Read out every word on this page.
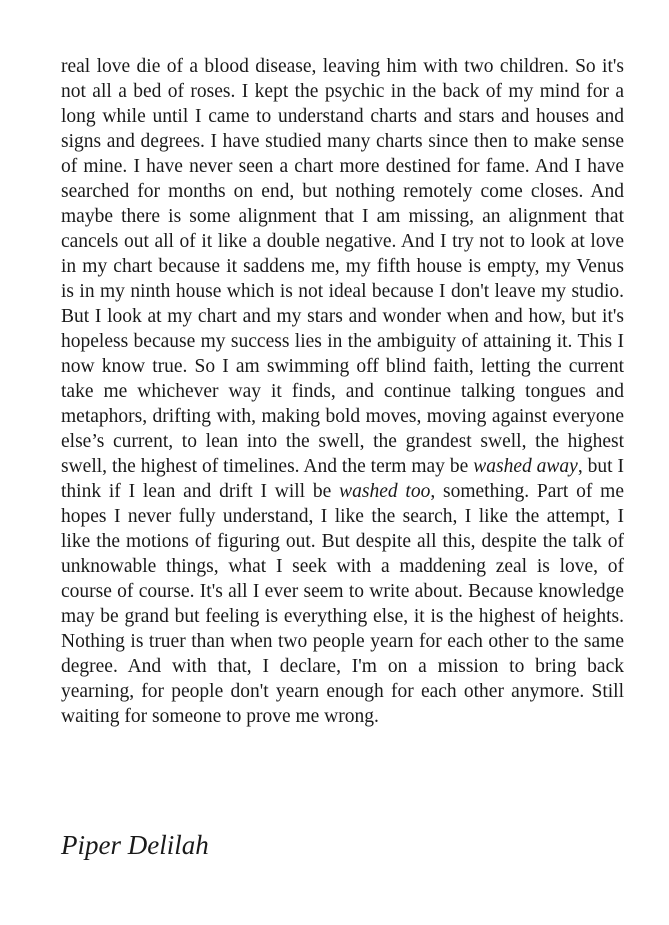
real love die of a blood disease, leaving him with two children. So it's not all a bed of roses. I kept the psychic in the back of my mind for a long while until I came to understand charts and stars and houses and signs and degrees. I have studied many charts since then to make sense of mine. I have never seen a chart more destined for fame. And I have searched for months on end, but nothing remotely come closes. And maybe there is some alignment that I am missing, an alignment that cancels out all of it like a double negative. And I try not to look at love in my chart because it saddens me, my fifth house is empty, my Venus is in my ninth house which is not ideal because I don't leave my studio. But I look at my chart and my stars and wonder when and how, but it's hopeless because my success lies in the ambiguity of attaining it. This I now know true. So I am swimming off blind faith, letting the current take me whichever way it finds, and continue talking tongues and metaphors, drifting with, making bold moves, moving against everyone else’s current, to lean into the swell, the grandest swell, the highest swell, the highest of timelines. And the term may be washed away, but I think if I lean and drift I will be washed too, something. Part of me hopes I never fully understand, I like the search, I like the attempt, I like the motions of figuring out. But despite all this, despite the talk of unknowable things, what I seek with a maddening zeal is love, of course of course. It's all I ever seem to write about. Because knowledge may be grand but feeling is everything else, it is the highest of heights. Nothing is truer than when two people yearn for each other to the same degree. And with that, I declare, I'm on a mission to bring back yearning, for people don't yearn enough for each other anymore. Still waiting for someone to prove me wrong.

Piper Delilah
